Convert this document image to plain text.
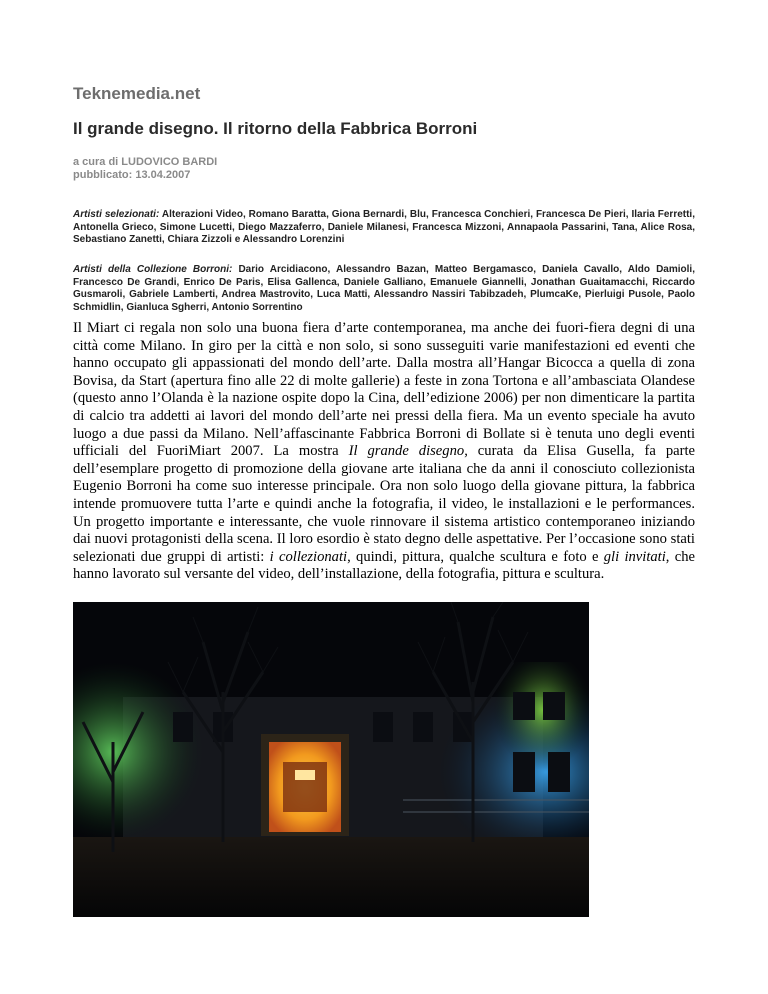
Teknemedia.net
Il grande disegno. Il ritorno della Fabbrica Borroni
a cura di LUDOVICO BARDI
pubblicato: 13.04.2007
Artisti selezionati: Alterazioni Video, Romano Baratta, Giona Bernardi, Blu, Francesca Conchieri, Francesca De Pieri, Ilaria Ferretti, Antonella Grieco, Simone Lucetti, Diego Mazzaferro, Daniele Milanesi, Francesca Mizzoni, Annapaola Passarini, Tana, Alice Rosa, Sebastiano Zanetti, Chiara Zizzoli e Alessandro Lorenzini
Artisti della Collezione Borroni: Dario Arcidiacono, Alessandro Bazan, Matteo Bergamasco, Daniela Cavallo, Aldo Damioli, Francesco De Grandi, Enrico De Paris, Elisa Gallenca, Daniele Galliano, Emanuele Giannelli, Jonathan Guaitamacchi, Riccardo Gusmaroli, Gabriele Lamberti, Andrea Mastrovito, Luca Matti, Alessandro Nassiri Tabibzadeh, PlumcaKe, Pierluigi Pusole, Paolo Schmidlin, Gianluca Sgherri, Antonio Sorrentino

Il Miart ci regala non solo una buona fiera d’arte contemporanea, ma anche dei fuori-fiera degni di una città come Milano. In giro per la città e non solo, si sono susseguiti varie manifestazioni ed eventi che hanno occupato gli appassionati del mondo dell’arte. Dalla mostra all’Hangar Bicocca a quella di zona Bovisa, da Start (apertura fino alle 22 di molte gallerie) a feste in zona Tortona e all’ambasciata Olandese (questo anno l’Olanda è la nazione ospite dopo la Cina, dell’edizione 2006) per non dimenticare la partita di calcio tra addetti ai lavori del mondo dell’arte nei pressi della fiera. Ma un evento speciale ha avuto luogo a due passi da Milano. Nell’affascinante Fabbrica Borroni di Bollate si è tenuta uno degli eventi ufficiali del FuoriMiart 2007. La mostra Il grande disegno, curata da Elisa Gusella, fa parte dell’esemplare progetto di promozione della giovane arte italiana che da anni il conosciuto collezionista Eugenio Borroni ha come suo interesse principale. Ora non solo luogo della giovane pittura, la fabbrica intende promuovere tutta l’arte e quindi anche la fotografia, il video, le installazioni e le performances. Un progetto importante e interessante, che vuole rinnovare il sistema artistico contemporaneo iniziando dai nuovi protagonisti della scena. Il loro esordio è stato degno delle aspettative. Per l’occasione sono stati selezionati due gruppi di artisti: i collezionati, quindi, pittura, qualche scultura e foto e gli invitati, che hanno lavorato sul versante del video, dell’installazione, della fotografia, pittura e scultura.
